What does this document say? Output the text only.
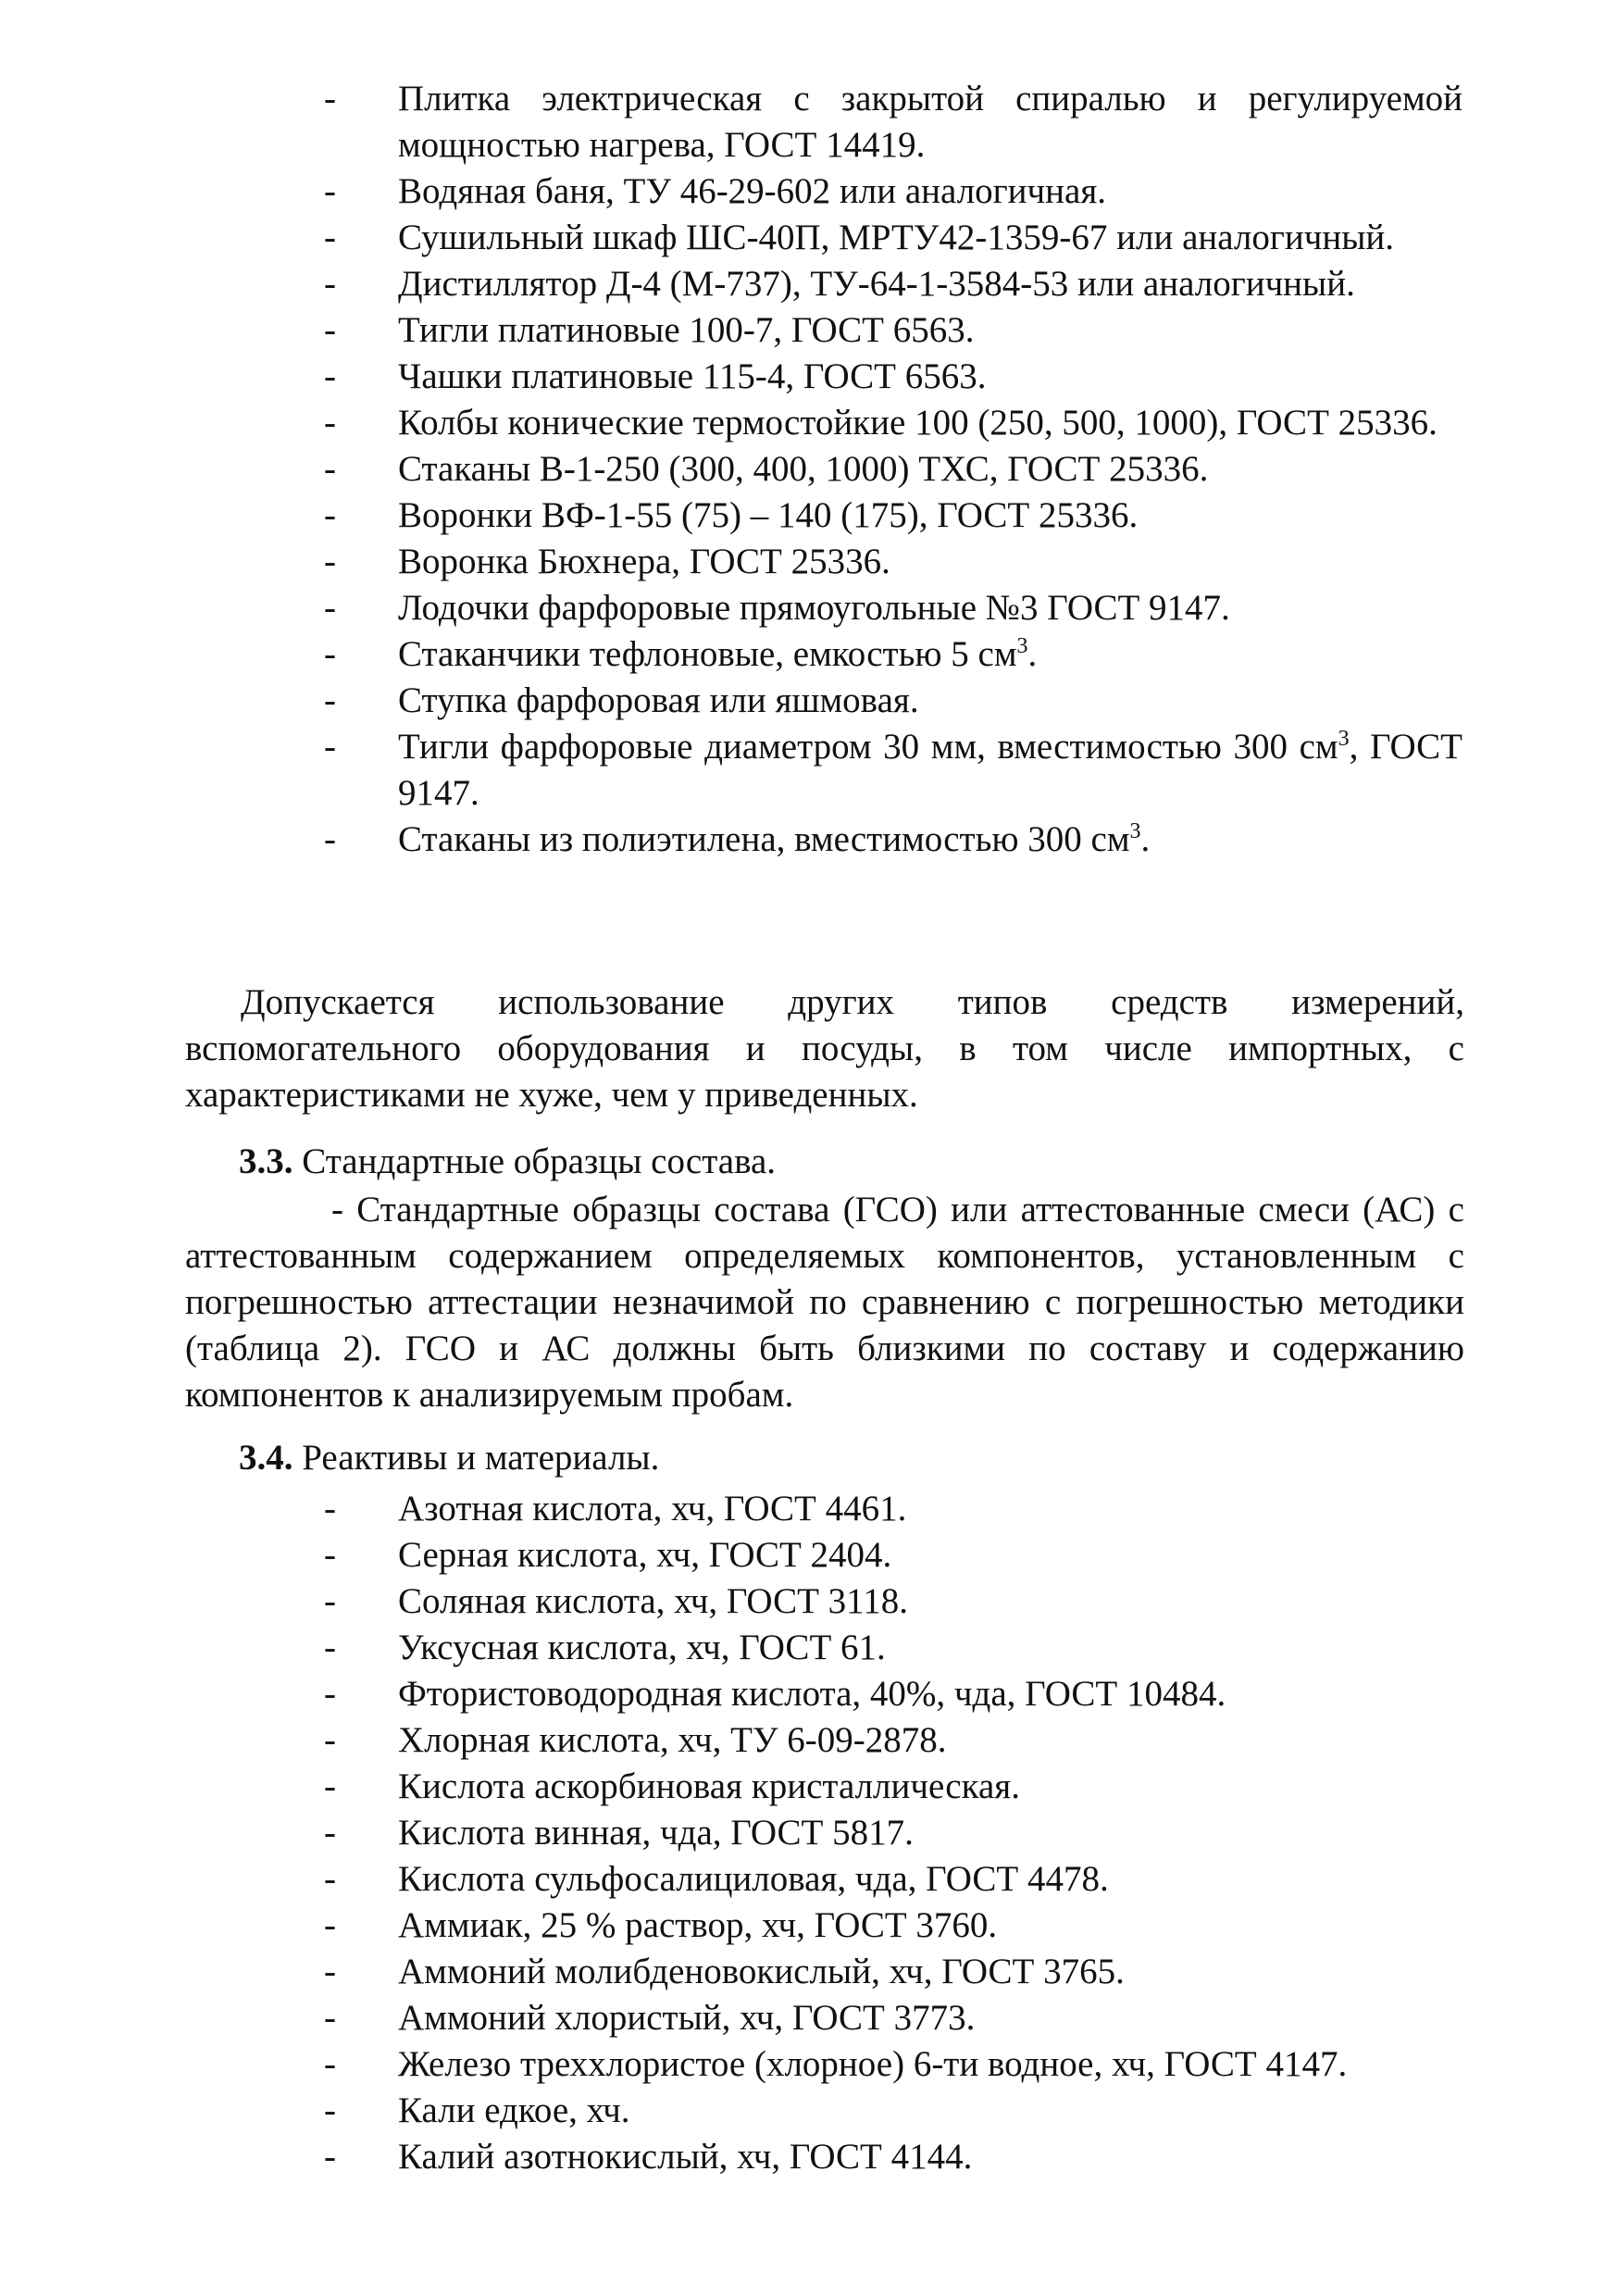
-	Плитка электрическая с закрытой спиралью и регулируемой мощностью нагрева, ГОСТ 14419.
-	Водяная баня, ТУ 46-29-602 или аналогичная.
-	Сушильный шкаф ШС-40П, МРТУ42-1359-67 или аналогичный.
-	Дистиллятор Д-4 (М-737), ТУ-64-1-3584-53 или аналогичный.
-	Тигли платиновые 100-7, ГОСТ 6563.
-	Чашки платиновые 115-4, ГОСТ 6563.
-	Колбы конические термостойкие 100 (250, 500, 1000), ГОСТ 25336.
-	Стаканы В-1-250 (300, 400, 1000) ТХС, ГОСТ 25336.
-	Воронки ВФ-1-55 (75) – 140 (175), ГОСТ 25336.
-	Воронка Бюхнера, ГОСТ 25336.
-	Лодочки фарфоровые прямоугольные №3 ГОСТ 9147.
-	Стаканчики тефлоновые, емкостью 5 $см^3$.
-	Ступка фарфоровая или яшмовая.
-	Тигли фарфоровые диаметром 30 мм, вместимостью 300 $см^3$, ГОСТ 9147.
-	Стаканы из полиэтилена, вместимостью 300 $см^3$.

Допускается использование других типов средств измерений, вспомогательного оборудования и посуды, в том числе импортных, с характеристиками не хуже, чем у приведенных.

3.3. Стандартные образцы состава.

- Стандартные образцы состава (ГСО) или аттестованные смеси (АС) с аттестованным содержанием определяемых компонентов, установленным с погрешностью аттестации незначимой по сравнению с погрешностью методики (таблица 2). ГСО и АС должны быть близкими по составу и содержанию компонентов к анализируемым пробам.

3.4. Реактивы и материалы.

-	Азотная кислота, хч, ГОСТ 4461.
-	Серная кислота, хч, ГОСТ 2404.
-	Соляная кислота, хч, ГОСТ 3118.
-	Уксусная кислота, хч, ГОСТ 61.
-	Фтористоводородная кислота, 40%, чда, ГОСТ 10484.
-	Хлорная кислота, хч, ТУ 6-09-2878.
-	Кислота аскорбиновая кристаллическая.
-	Кислота винная, чда, ГОСТ 5817.
-	Кислота сульфосалициловая, чда, ГОСТ 4478.
-	Аммиак, 25 % раствор, хч, ГОСТ 3760.
-	Аммоний молибденовокислый, хч, ГОСТ 3765.
-	Аммоний хлористый, хч, ГОСТ 3773.
-	Железо треххлористое (хлорное) 6-ти водное, хч, ГОСТ 4147.
-	Кали едкое, хч.
-	Калий азотнокислый, хч, ГОСТ 4144.
